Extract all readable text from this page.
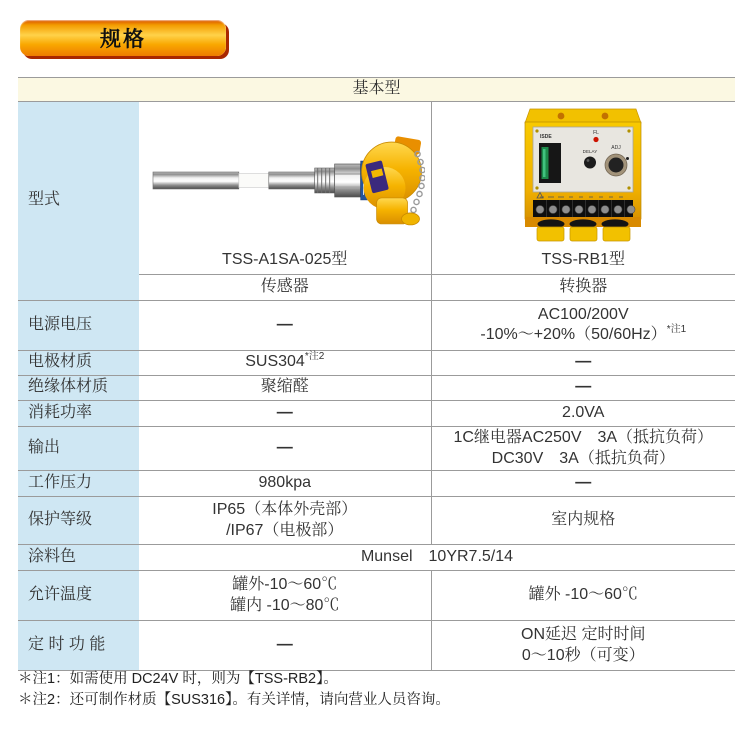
规格
基本型		
型式		ISDE
FL
DELAY
ADJ

	TSS-A1SA-025型	TSS-RB1型
	传感器	转换器
电源电压	—	AC100/200V
$-10\%\sim+20\%(50/60Hz)^{*注1}$

电极材质	$SUS304^{*注2}$	—
绝缘体材质	聚缩醛	—
消耗功率	—	2.0VA
输出	—	1C继电器AC250V　3A（抵抗负荷）
DC30V　3A（抵抗负荷）

工作压力	980kpa	—
保护等级	IP65（本体外壳部）
/IP67（电极部）	室内规格
涂料色	Munsel　10YR7.5/14	
允许温度	罐外-10～60℃
罐内 -10～80℃	罐外 -10～60℃
定 时 功 能	—	ON延迟 定时时间
0～10秒（可变）
＊注1：如需使用 DC24V 时，则为【TSS-RB2】。
＊注2：还可制作材质【SUS316】。有关详情，请向营业人员咨询。
